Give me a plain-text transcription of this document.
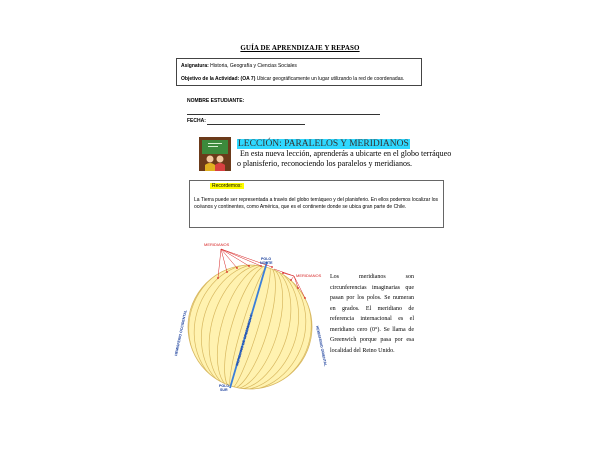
GUÍA DE APRENDIZAJE Y REPASO
Asignatura: Historia, Geografía y Ciencias Sociales
Objetivo de la Actividad: (OA 7) Ubicar geográficamente un lugar utilizando la red de coordenadas.
NOMBRE ESTUDIANTE:
FECHA:
LECCIÓN: PARALELOS Y MERIDIANOS
En esta nueva lección, aprenderás a ubicarte en el globo terráqueo o planisferio, reconociendo los paralelos y meridianos.
Recordemos:
La Tierra puede ser representada a través del globo terráqueo y del planisferio. En ellos podemos localizar los océanos y continentes, como América, que es el continente donde se ubica gran parte de Chile.
MERIDIANOS
MERIDIANOS
POLO
NORTE
POLO
SUR
HEMISFERIO OCCIDENTAL	HEMISFERIO ORIENTAL
MERIDIANO DE GREENWICH 0°
Los meridianos son circunferencias imaginarias que pasan por los polos. Se numeran en grados. El meridiano de referencia internacional es el meridiano cero (0°). Se llama de Greenwich porque pasa por esa localidad del Reino Unido.
